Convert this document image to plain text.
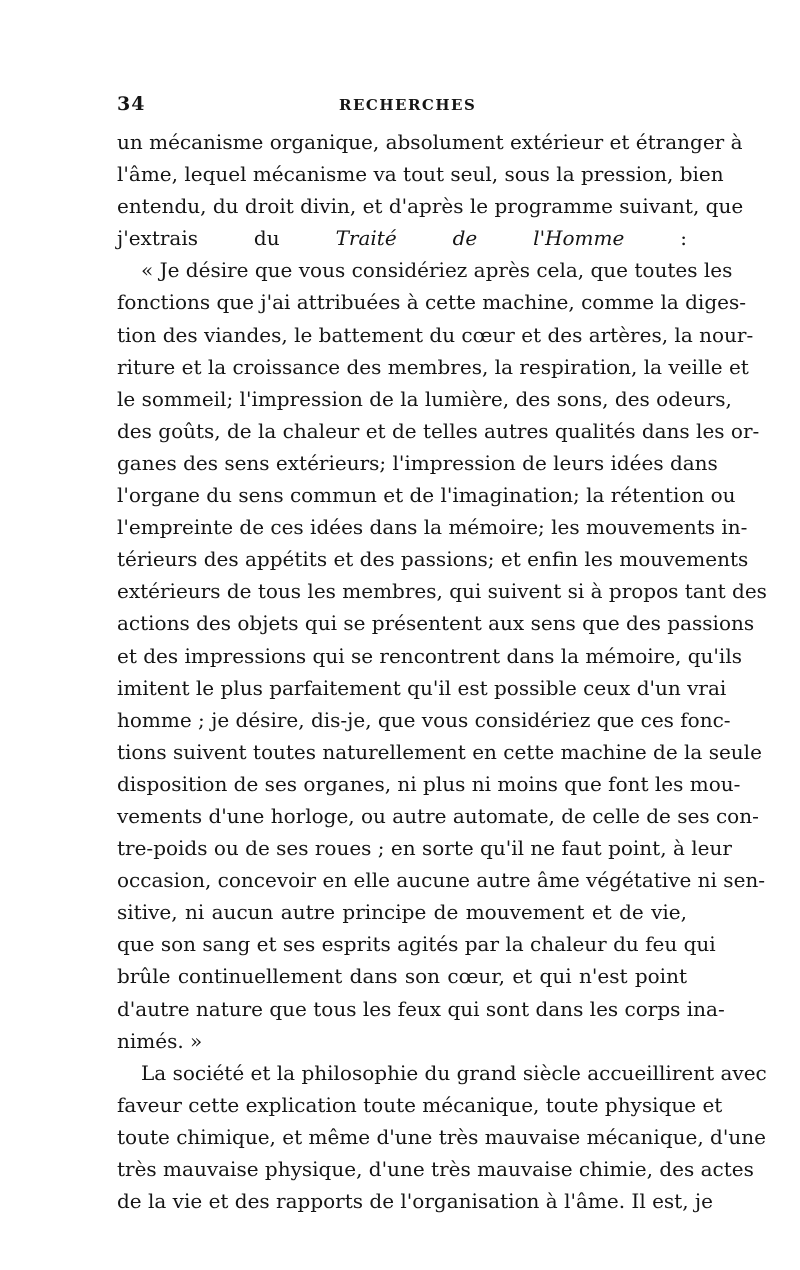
34	RECHERCHES
un mécanisme organique, absolument extérieur et étranger à
l'âme, lequel mécanisme va tout seul, sous la pression, bien
entendu, du droit divin, et d'après le programme suivant, que
j'extrais du Traité de l'Homme :
« Je désire que vous considériez après cela, que toutes les
fonctions que j'ai attribuées à cette machine, comme la diges-
tion des viandes, le battement du cœur et des artères, la nour-
riture et la croissance des membres, la respiration, la veille et
le sommeil; l'impression de la lumière, des sons, des odeurs,
des goûts, de la chaleur et de telles autres qualités dans les or-
ganes des sens extérieurs; l'impression de leurs idées dans
l'organe du sens commun et de l'imagination; la rétention ou
l'empreinte de ces idées dans la mémoire; les mouvements in-
térieurs des appétits et des passions; et enfin les mouvements
extérieurs de tous les membres, qui suivent si à propos tant des
actions des objets qui se présentent aux sens que des passions
et des impressions qui se rencontrent dans la mémoire, qu'ils
imitent le plus parfaitement qu'il est possible ceux d'un vrai
homme ; je désire, dis-je, que vous considériez que ces fonc-
tions suivent toutes naturellement en cette machine de la seule
disposition de ses organes, ni plus ni moins que font les mou-
vements d'une horloge, ou autre automate, de celle de ses con-
tre-poids ou de ses roues ; en sorte qu'il ne faut point, à leur
occasion, concevoir en elle aucune autre âme végétative ni sen-
sitive, ni aucun autre principe de mouvement et de vie,
que son sang et ses esprits agités par la chaleur du feu qui
brûle continuellement dans son cœur, et qui n'est point
d'autre nature que tous les feux qui sont dans les corps ina-
nimés. »
La société et la philosophie du grand siècle accueillirent avec
faveur cette explication toute mécanique, toute physique et
toute chimique, et même d'une très mauvaise mécanique, d'une
très mauvaise physique, d'une très mauvaise chimie, des actes
de la vie et des rapports de l'organisation à l'âme. Il est, je
